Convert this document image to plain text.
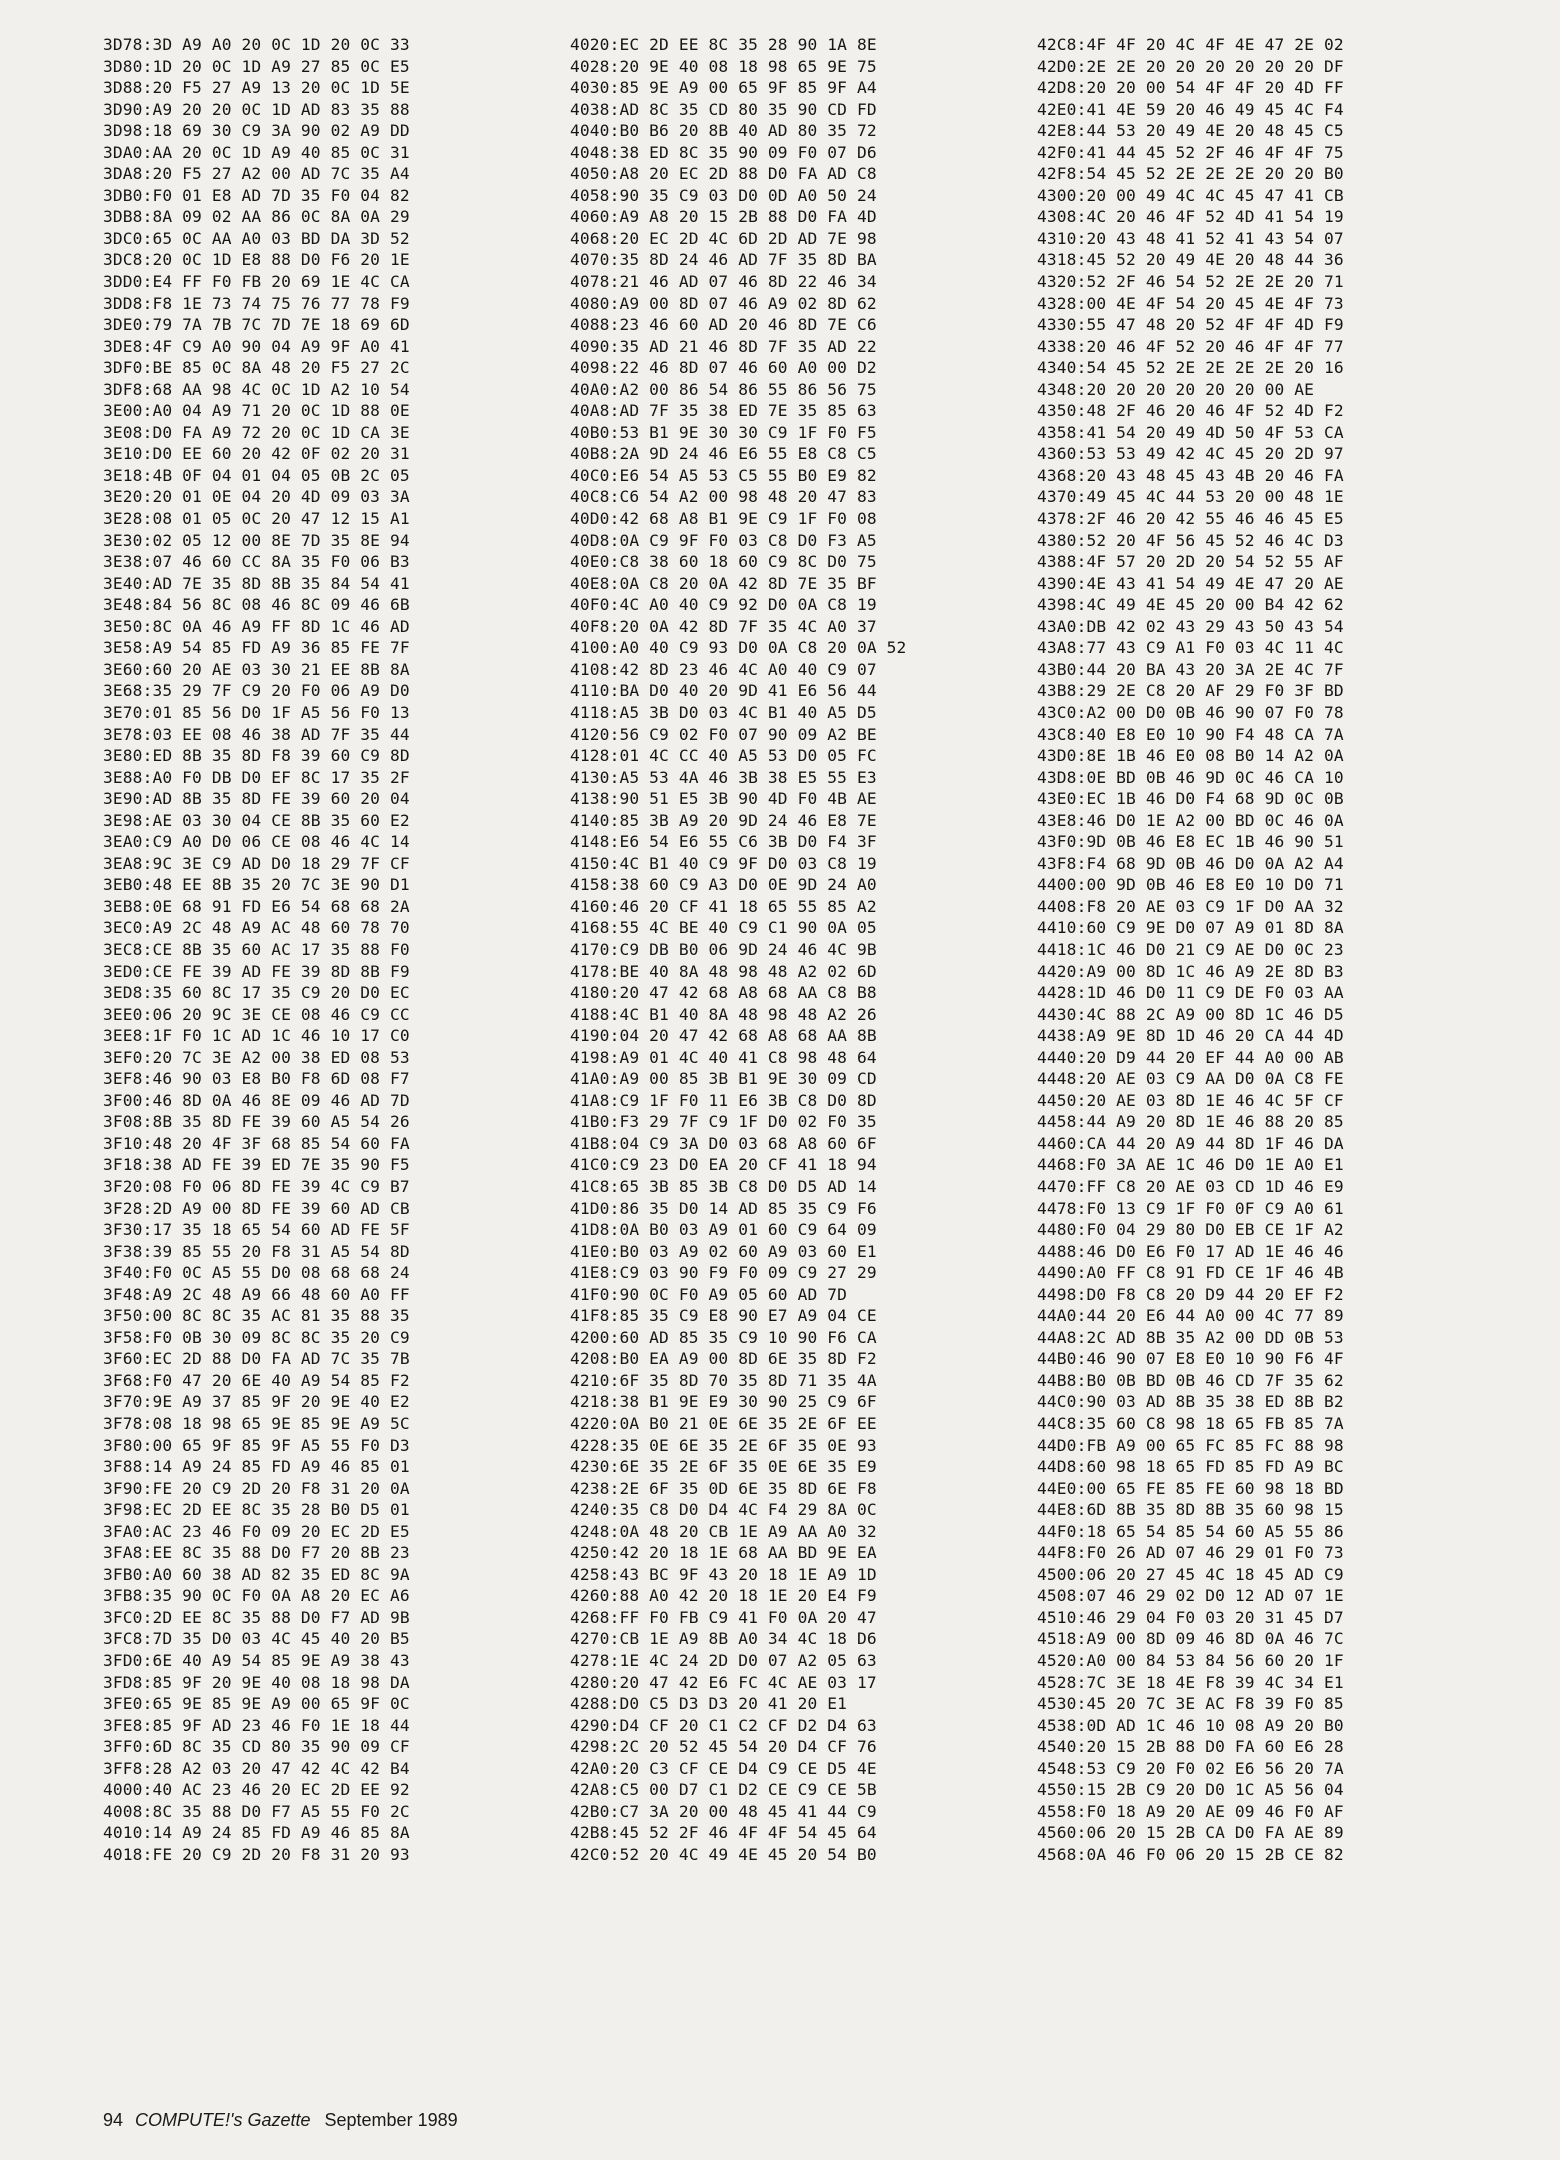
3D78:3D A9 A0 20 0C 1D 20 0C 33
3D80:1D 20 0C 1D A9 27 85 0C E5
3D88:20 F5 27 A9 13 20 0C 1D 5E
3D90:A9 20 20 0C 1D AD 83 35 88
3D98:18 69 30 C9 3A 90 02 A9 DD
3DA0:AA 20 0C 1D A9 40 85 0C 31
3DA8:20 F5 27 A2 00 AD 7C 35 A4
3DB0:F0 01 E8 AD 7D 35 F0 04 82
3DB8:8A 09 02 AA 86 0C 8A 0A 29
3DC0:65 0C AA A0 03 BD DA 3D 52
3DC8:20 0C 1D E8 88 D0 F6 20 1E
3DD0:E4 FF F0 FB 20 69 1E 4C CA
3DD8:F8 1E 73 74 75 76 77 78 F9
3DE0:79 7A 7B 7C 7D 7E 18 69 6D
3DE8:4F C9 A0 90 04 A9 9F A0 41
3DF0:BE 85 0C 8A 48 20 F5 27 2C
3DF8:68 AA 98 4C 0C 1D A2 10 54
3E00:A0 04 A9 71 20 0C 1D 88 0E
3E08:D0 FA A9 72 20 0C 1D CA 3E
3E10:D0 EE 60 20 42 0F 02 20 31
3E18:4B 0F 04 01 04 05 0B 2C 05
3E20:20 01 0E 04 20 4D 09 03 3A
3E28:08 01 05 0C 20 47 12 15 A1
3E30:02 05 12 00 8E 7D 35 8E 94
3E38:07 46 60 CC 8A 35 F0 06 B3
3E40:AD 7E 35 8D 8B 35 84 54 41
3E48:84 56 8C 08 46 8C 09 46 6B
3E50:8C 0A 46 A9 FF 8D 1C 46 AD
3E58:A9 54 85 FD A9 36 85 FE 7F
3E60:60 20 AE 03 30 21 EE 8B 8A
3E68:35 29 7F C9 20 F0 06 A9 D0
3E70:01 85 56 D0 1F A5 56 F0 13
3E78:03 EE 08 46 38 AD 7F 35 44
3E80:ED 8B 35 8D F8 39 60 C9 8D
3E88:A0 F0 DB D0 EF 8C 17 35 2F
3E90:AD 8B 35 8D FE 39 60 20 04
3E98:AE 03 30 04 CE 8B 35 60 E2
3EA0:C9 A0 D0 06 CE 08 46 4C 14
3EA8:9C 3E C9 AD D0 18 29 7F CF
3EB0:48 EE 8B 35 20 7C 3E 90 D1
3EB8:0E 68 91 FD E6 54 68 68 2A
3EC0:A9 2C 48 A9 AC 48 60 78 70
3EC8:CE 8B 35 60 AC 17 35 88 F0
3ED0:CE FE 39 AD FE 39 8D 8B F9
3ED8:35 60 8C 17 35 C9 20 D0 EC
3EE0:06 20 9C 3E CE 08 46 C9 CC
3EE8:1F F0 1C AD 1C 46 10 17 C0
3EF0:20 7C 3E A2 00 38 ED 08 53
3EF8:46 90 03 E8 B0 F8 6D 08 F7
3F00:46 8D 0A 46 8E 09 46 AD 7D
3F08:8B 35 8D FE 39 60 A5 54 26
3F10:48 20 4F 3F 68 85 54 60 FA
3F18:38 AD FE 39 ED 7E 35 90 F5
3F20:08 F0 06 8D FE 39 4C C9 B7
3F28:2D A9 00 8D FE 39 60 AD CB
3F30:17 35 18 65 54 60 AD FE 5F
3F38:39 85 55 20 F8 31 A5 54 8D
3F40:F0 0C A5 55 D0 08 68 68 24
3F48:A9 2C 48 A9 66 48 60 A0 FF
3F50:00 8C 8C 35 AC 81 35 88 35
3F58:F0 0B 30 09 8C 8C 35 20 C9
3F60:EC 2D 88 D0 FA AD 7C 35 7B
3F68:F0 47 20 6E 40 A9 54 85 F2
3F70:9E A9 37 85 9F 20 9E 40 E2
3F78:08 18 98 65 9E 85 9E A9 5C
3F80:00 65 9F 85 9F A5 55 F0 D3
3F88:14 A9 24 85 FD A9 46 85 01
3F90:FE 20 C9 2D 20 F8 31 20 0A
3F98:EC 2D EE 8C 35 28 B0 D5 01
3FA0:AC 23 46 F0 09 20 EC 2D E5
3FA8:EE 8C 35 88 D0 F7 20 8B 23
3FB0:A0 60 38 AD 82 35 ED 8C 9A
3FB8:35 90 0C F0 0A A8 20 EC A6
3FC0:2D EE 8C 35 88 D0 F7 AD 9B
3FC8:7D 35 D0 03 4C 45 40 20 B5
3FD0:6E 40 A9 54 85 9E A9 38 43
3FD8:85 9F 20 9E 40 08 18 98 DA
3FE0:65 9E 85 9E A9 00 65 9F 0C
3FE8:85 9F AD 23 46 F0 1E 18 44
3FF0:6D 8C 35 CD 80 35 90 09 CF
3FF8:28 A2 03 20 47 42 4C 42 B4
4000:40 AC 23 46 20 EC 2D EE 92
4008:8C 35 88 D0 F7 A5 55 F0 2C
4010:14 A9 24 85 FD A9 46 85 8A
4018:FE 20 C9 2D 20 F8 31 20 93
4020:EC 2D EE 8C 35 28 90 1A 8E
4028:20 9E 40 08 18 98 65 9E 75
4030:85 9E A9 00 65 9F 85 9F A4
4038:AD 8C 35 CD 80 35 90 CD FD
4040:B0 B6 20 8B 40 AD 80 35 72
4048:38 ED 8C 35 90 09 F0 07 D6
4050:A8 20 EC 2D 88 D0 FA AD C8
4058:90 35 C9 03 D0 0D A0 50 24
4060:A9 A8 20 15 2B 88 D0 FA 4D
4068:20 EC 2D 4C 6D 2D AD 7E 98
4070:35 8D 24 46 AD 7F 35 8D BA
4078:21 46 AD 07 46 8D 22 46 34
4080:A9 00 8D 07 46 A9 02 8D 62
4088:23 46 60 AD 20 46 8D 7E C6
4090:35 AD 21 46 8D 7F 35 AD 22
4098:22 46 8D 07 46 60 A0 00 D2
40A0:A2 00 86 54 86 55 86 56 75
40A8:AD 7F 35 38 ED 7E 35 85 63
40B0:53 B1 9E 30 30 C9 1F F0 F5
40B8:2A 9D 24 46 E6 55 E8 C8 C5
40C0:E6 54 A5 53 C5 55 B0 E9 82
40C8:C6 54 A2 00 98 48 20 47 83
40D0:42 68 A8 B1 9E C9 1F F0 08
40D8:0A C9 9F F0 03 C8 D0 F3 A5
40E0:C8 38 60 18 60 C9 8C D0 75
40E8:0A C8 20 0A 42 8D 7E 35 BF
40F0:4C A0 40 C9 92 D0 0A C8 19
40F8:20 0A 42 8D 7F 35 4C A0 37
4100:A0 40 C9 93 D0 0A C8 20 0A 52
4108:42 8D 23 46 4C A0 40 C9 07
4110:BA D0 40 20 9D 41 E6 56 44
4118:A5 3B D0 03 4C B1 40 A5 D5
4120:56 C9 02 F0 07 90 09 A2 BE
4128:01 4C CC 40 A5 53 D0 05 FC
4130:A5 53 4A 46 3B 38 E5 55 E3
4138:90 51 E5 3B 90 4D F0 4B AE
4140:85 3B A9 20 9D 24 46 E8 7E
4148:E6 54 E6 55 C6 3B D0 F4 3F
4150:4C B1 40 C9 9F D0 03 C8 19
4158:38 60 C9 A3 D0 0E 9D 24 A0
4160:46 20 CF 41 18 65 55 85 A2
4168:55 4C BE 40 C9 C1 90 0A 05
4170:C9 DB B0 06 9D 24 46 4C 9B
4178:BE 40 8A 48 98 48 A2 02 6D
4180:20 47 42 68 A8 68 AA C8 B8
4188:4C B1 40 8A 48 98 48 A2 26
4190:04 20 47 42 68 A8 68 AA 8B
4198:A9 01 4C 40 41 C8 98 48 64
41A0:A9 00 85 3B B1 9E 30 09 CD
41A8:C9 1F F0 11 E6 3B C8 D0 8D
41B0:F3 29 7F C9 1F D0 02 F0 35
41B8:04 C9 3A D0 03 68 A8 60 6F
41C0:C9 23 D0 EA 20 CF 41 18 94
41C8:65 3B 85 3B C8 D0 D5 AD 14
41D0:86 35 D0 14 AD 85 35 C9 F6
41D8:0A B0 03 A9 01 60 C9 64 09
41E0:B0 03 A9 02 60 A9 03 60 E1
41E8:C9 03 90 F9 F0 09 C9 27 29
41F0:90 0C F0 A9 05 60 AD 7D
41F8:85 35 C9 E8 90 E7 A9 04 CE
4200:60 AD 85 35 C9 10 90 F6 CA
4208:B0 EA A9 00 8D 6E 35 8D F2
4210:6F 35 8D 70 35 8D 71 35 4A
4218:38 B1 9E E9 30 90 25 C9 6F
4220:0A B0 21 0E 6E 35 2E 6F EE
4228:35 0E 6E 35 2E 6F 35 0E 93
4230:6E 35 2E 6F 35 0E 6E 35 E9
4238:2E 6F 35 0D 6E 35 8D 6E F8
4240:35 C8 D0 D4 4C F4 29 8A 0C
4248:0A 48 20 CB 1E A9 AA A0 32
4250:42 20 18 1E 68 AA BD 9E EA
4258:43 BC 9F 43 20 18 1E A9 1D
4260:88 A0 42 20 18 1E 20 E4 F9
4268:FF F0 FB C9 41 F0 0A 20 47
4270:CB 1E A9 8B A0 34 4C 18 D6
4278:1E 4C 24 2D D0 07 A2 05 63
4280:20 47 42 E6 FC 4C AE 03 17
4288:D0 C5 D3 D3 20 41 20 E1
4290:D4 CF 20 C1 C2 CF D2 D4 63
4298:2C 20 52 45 54 20 D4 CF 76
42A0:20 C3 CF CE D4 C9 CE D5 4E
42A8:C5 00 D7 C1 D2 CE C9 CE 5B
42B0:C7 3A 20 00 48 45 41 44 C9
42B8:45 52 2F 46 4F 4F 54 45 64
42C0:52 20 4C 49 4E 45 20 54 B0
42C8:4F 4F 20 4C 4F 4E 47 2E 02
42D0:2E 2E 20 20 20 20 20 20 DF
42D8:20 20 00 54 4F 4F 20 4D FF
42E0:41 4E 59 20 46 49 45 4C F4
42E8:44 53 20 49 4E 20 48 45 C5
42F0:41 44 45 52 2F 46 4F 4F 75
42F8:54 45 52 2E 2E 2E 20 20 B0
4300:20 00 49 4C 4C 45 47 41 CB
4308:4C 20 46 4F 52 4D 41 54 19
4310:20 43 48 41 52 41 43 54 07
4318:45 52 20 49 4E 20 48 44 36
4320:52 2F 46 54 52 2E 2E 20 71
4328:00 4E 4F 54 20 45 4E 4F 73
4330:55 47 48 20 52 4F 4F 4D F9
4338:20 46 4F 52 20 46 4F 4F 77
4340:54 45 52 2E 2E 2E 2E 20 16
4348:20 20 20 20 20 20 00 AE
4350:48 2F 46 20 46 4F 52 4D F2
4358:41 54 20 49 4D 50 4F 53 CA
4360:53 53 49 42 4C 45 20 2D 97
4368:20 43 48 45 43 4B 20 46 FA
4370:49 45 4C 44 53 20 00 48 1E
4378:2F 46 20 42 55 46 46 45 E5
4380:52 20 4F 56 45 52 46 4C D3
4388:4F 57 20 2D 20 54 52 55 AF
4390:4E 43 41 54 49 4E 47 20 AE
4398:4C 49 4E 45 20 00 B4 42 62
43A0:DB 42 02 43 29 43 50 43 54
43A8:77 43 C9 A1 F0 03 4C 11 4C
43B0:44 20 BA 43 20 3A 2E 4C 7F
43B8:29 2E C8 20 AF 29 F0 3F BD
43C0:A2 00 D0 0B 46 90 07 F0 78
43C8:40 E8 E0 10 90 F4 48 CA 7A
43D0:8E 1B 46 E0 08 B0 14 A2 0A
43D8:0E BD 0B 46 9D 0C 46 CA 10
43E0:EC 1B 46 D0 F4 68 9D 0C 0B
43E8:46 D0 1E A2 00 BD 0C 46 0A
43F0:9D 0B 46 E8 EC 1B 46 90 51
43F8:F4 68 9D 0B 46 D0 0A A2 A4
4400:00 9D 0B 46 E8 E0 10 D0 71
4408:F8 20 AE 03 C9 1F D0 AA 32
4410:60 C9 9E D0 07 A9 01 8D 8A
4418:1C 46 D0 21 C9 AE D0 0C 23
4420:A9 00 8D 1C 46 A9 2E 8D B3
4428:1D 46 D0 11 C9 DE F0 03 AA
4430:4C 88 2C A9 00 8D 1C 46 D5
4438:A9 9E 8D 1D 46 20 CA 44 4D
4440:20 D9 44 20 EF 44 A0 00 AB
4448:20 AE 03 C9 AA D0 0A C8 FE
4450:20 AE 03 8D 1E 46 4C 5F CF
4458:44 A9 20 8D 1E 46 88 20 85
4460:CA 44 20 A9 44 8D 1F 46 DA
4468:F0 3A AE 1C 46 D0 1E A0 E1
4470:FF C8 20 AE 03 CD 1D 46 E9
4478:F0 13 C9 1F F0 0F C9 A0 61
4480:F0 04 29 80 D0 EB CE 1F A2
4488:46 D0 E6 F0 17 AD 1E 46 46
4490:A0 FF C8 91 FD CE 1F 46 4B
4498:D0 F8 C8 20 D9 44 20 EF F2
44A0:44 20 E6 44 A0 00 4C 77 89
44A8:2C AD 8B 35 A2 00 DD 0B 53
44B0:46 90 07 E8 E0 10 90 F6 4F
44B8:B0 0B BD 0B 46 CD 7F 35 62
44C0:90 03 AD 8B 35 38 ED 8B B2
44C8:35 60 C8 98 18 65 FB 85 7A
44D0:FB A9 00 65 FC 85 FC 88 98
44D8:60 98 18 65 FD 85 FD A9 BC
44E0:00 65 FE 85 FE 60 98 18 BD
44E8:6D 8B 35 8D 8B 35 60 98 15
44F0:18 65 54 85 54 60 A5 55 86
44F8:F0 26 AD 07 46 29 01 F0 73
4500:06 20 27 45 4C 18 45 AD C9
4508:07 46 29 02 D0 12 AD 07 1E
4510:46 29 04 F0 03 20 31 45 D7
4518:A9 00 8D 09 46 8D 0A 46 7C
4520:A0 00 84 53 84 56 60 20 1F
4528:7C 3E 18 4E F8 39 4C 34 E1
4530:45 20 7C 3E AC F8 39 F0 85
4538:0D AD 1C 46 10 08 A9 20 B0
4540:20 15 2B 88 D0 FA 60 E6 28
4548:53 C9 20 F0 02 E6 56 20 7A
4550:15 2B C9 20 D0 1C A5 56 04
4558:F0 18 A9 20 AE 09 46 F0 AF
4560:06 20 15 2B CA D0 FA AE 89
4568:0A 46 F0 06 20 15 2B CE 82
94 COMPUTE!'s Gazette September 1989
